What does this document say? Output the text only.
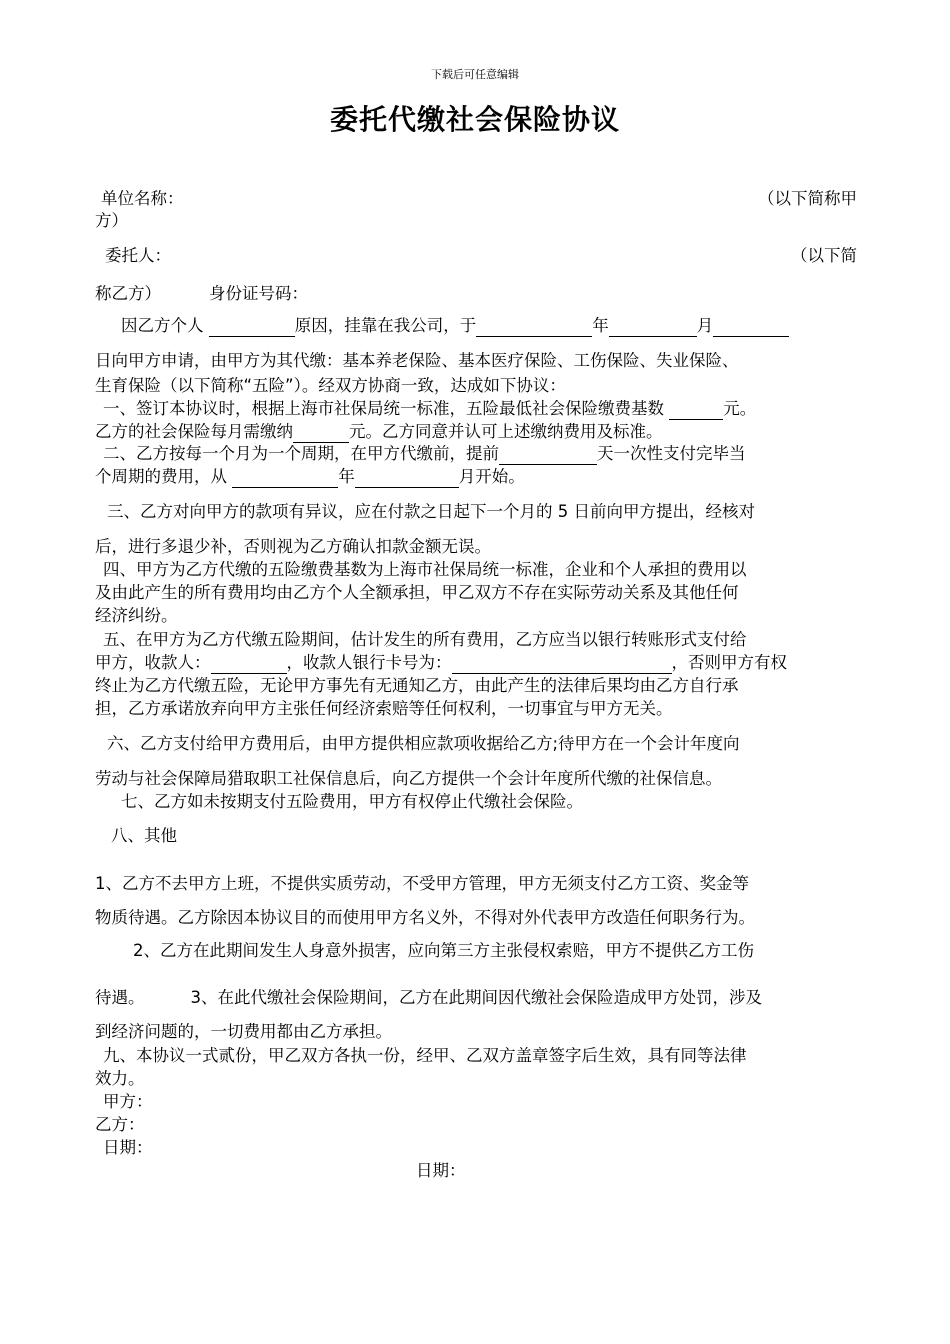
下载后可任意编辑
委托代缴社会保险协议
单位名称：	（以下简称甲
方）
委托人：	（以下简
称乙方）	身份证号码：
因乙方个人	原因，挂靠在我公司，于	年	月
日向甲方申请，由甲方为其代缴：基本养老保险、基本医疗保险、工伤保险、失业保险、
生育保险（以下简称“五险”）。经双方协商一致，达成如下协议：
一、签订本协议时，根据上海市社保局统一标准，五险最低社会保险缴费基数	元。
乙方的社会保险每月需缴纳	元。乙方同意并认可上述缴纳费用及标准。
二、乙方按每一个月为一个周期，在甲方代缴前，提前	天一次性支付完毕当
个周期的费用，从	年	月开始。
三、乙方对向甲方的款项有异议，应在付款之日起下一个月的 5 日前向甲方提出，经核对
后，进行多退少补，否则视为乙方确认扣款金额无误。
四、甲方为乙方代缴的五险缴费基数为上海市社保局统一标准，企业和个人承担的费用以
及由此产生的所有费用均由乙方个人全额承担，甲乙双方不存在实际劳动关系及其他任何
经济纠纷。
五、在甲方为乙方代缴五险期间，估计发生的所有费用，乙方应当以银行转账形式支付给
甲方，收款人：	，收款人银行卡号为：	，否则甲方有权
终止为乙方代缴五险，无论甲方事先有无通知乙方，由此产生的法律后果均由乙方自行承
担，乙方承诺放弃向甲方主张任何经济索赔等任何权利，一切事宜与甲方无关。
六、乙方支付给甲方费用后，由甲方提供相应款项收据给乙方;待甲方在一个会计年度向
劳动与社会保障局猎取职工社保信息后，向乙方提供一个会计年度所代缴的社保信息。
七、乙方如未按期支付五险费用，甲方有权停止代缴社会保险。
八、其他
1、乙方不去甲方上班，不提供实质劳动，不受甲方管理，甲方无须支付乙方工资、奖金等
物质待遇。乙方除因本协议目的而使用甲方名义外，不得对外代表甲方改造任何职务行为。
2、乙方在此期间发生人身意外损害，应向第三方主张侵权索赔，甲方不提供乙方工伤
待遇。	3、在此代缴社会保险期间，乙方在此期间因代缴社会保险造成甲方处罚，涉及
到经济问题的，一切费用都由乙方承担。
九、本协议一式贰份，甲乙双方各执一份，经甲、乙双方盖章签字后生效，具有同等法律
效力。
甲方：
乙方：
日期：
日期：
